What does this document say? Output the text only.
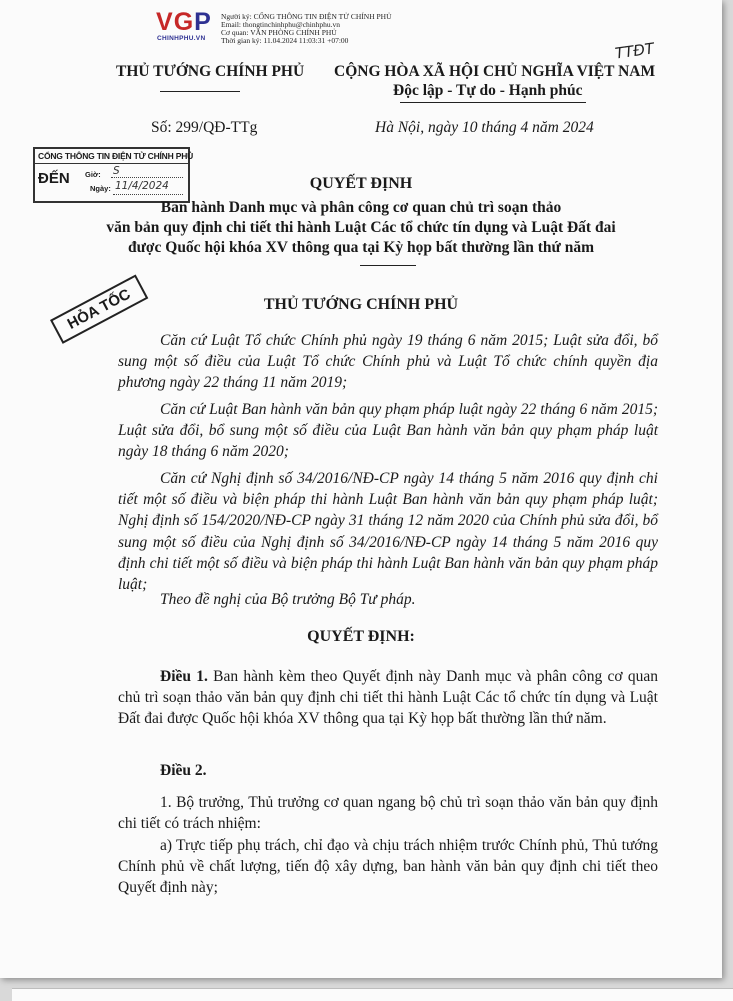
VGP
CHINHPHU.VN
Người ký: CỔNG THÔNG TIN ĐIỆN TỬ CHÍNH PHỦ
Email: thongtinchinhphu@chinhphu.vn
Cơ quan: VĂN PHÒNG CHÍNH PHỦ
Thời gian ký: 11.04.2024 11:03:31 +07:00	TTĐT
THỦ TƯỚNG CHÍNH PHỦ CỘNG HÒA XÃ HỘI CHỦ NGHĨA VIỆT NAM
Độc lập - Tự do - Hạnh phúc
Số: 299/QĐ-TTg	Hà Nội, ngày 10 tháng 4 năm 2024
CỔNG THÔNG TIN ĐIỆN TỬ CHÍNH PHỦ
ĐẾN Giờ: S
Ngày: 11/4/2024
HỎA TỐC
QUYẾT ĐỊNH
Ban hành Danh mục và phân công cơ quan chủ trì soạn thảo
văn bản quy định chi tiết thi hành Luật Các tổ chức tín dụng và Luật Đất đai
được Quốc hội khóa XV thông qua tại Kỳ họp bất thường lần thứ năm
THỦ TƯỚNG CHÍNH PHỦ
Căn cứ Luật Tổ chức Chính phủ ngày 19 tháng 6 năm 2015; Luật sửa đổi, bổ sung một số điều của Luật Tổ chức Chính phủ và Luật Tổ chức chính quyền địa phương ngày 22 tháng 11 năm 2019;
Căn cứ Luật Ban hành văn bản quy phạm pháp luật ngày 22 tháng 6 năm 2015; Luật sửa đổi, bổ sung một số điều của Luật Ban hành văn bản quy phạm pháp luật ngày 18 tháng 6 năm 2020;
Căn cứ Nghị định số 34/2016/NĐ-CP ngày 14 tháng 5 năm 2016 quy định chi tiết một số điều và biện pháp thi hành Luật Ban hành văn bản quy phạm pháp luật; Nghị định số 154/2020/NĐ-CP ngày 31 tháng 12 năm 2020 của Chính phủ sửa đổi, bổ sung một số điều của Nghị định số 34/2016/NĐ-CP ngày 14 tháng 5 năm 2016 quy định chi tiết một số điều và biện pháp thi hành Luật Ban hành văn bản quy phạm pháp luật;
Theo đề nghị của Bộ trưởng Bộ Tư pháp.
QUYẾT ĐỊNH:
Điều 1. Ban hành kèm theo Quyết định này Danh mục và phân công cơ quan chủ trì soạn thảo văn bản quy định chi tiết thi hành Luật Các tổ chức tín dụng và Luật Đất đai được Quốc hội khóa XV thông qua tại Kỳ họp bất thường lần thứ năm.
Điều 2.
1. Bộ trưởng, Thủ trưởng cơ quan ngang bộ chủ trì soạn thảo văn bản quy định chi tiết có trách nhiệm:
a) Trực tiếp phụ trách, chỉ đạo và chịu trách nhiệm trước Chính phủ, Thủ tướng Chính phủ về chất lượng, tiến độ xây dựng, ban hành văn bản quy định chi tiết theo Quyết định này;
